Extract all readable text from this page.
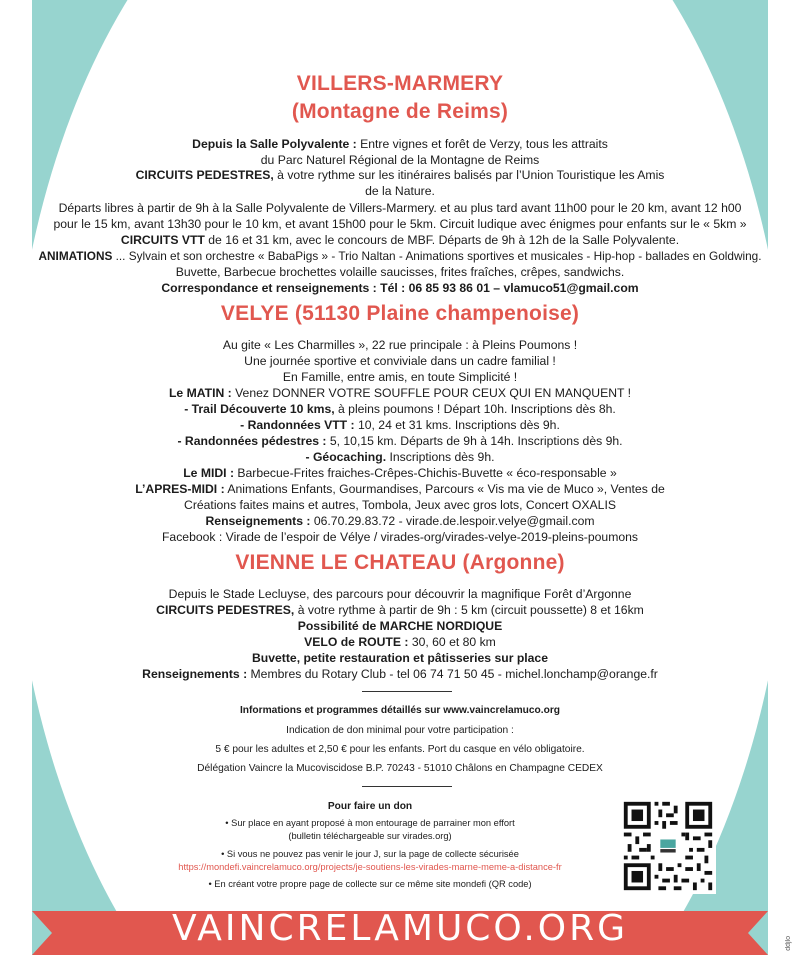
ddjlo
VILLERS-MARMERY
(Montagne de Reims)
Depuis la Salle Polyvalente : Entre vignes et forêt de Verzy, tous les attraits
du Parc Naturel Régional de la Montagne de Reims
CIRCUITS PEDESTRES, à votre rythme sur les itinéraires balisés par l’Union Touristique les Amis
de la Nature.
Départs libres à partir de 9h à la Salle Polyvalente de Villers-Marmery. et au plus tard avant 11h00 pour le 20 km, avant 12 h00
pour le 15 km, avant 13h30 pour le 10 km, et avant 15h00 pour le 5km. Circuit ludique avec énigmes pour enfants sur le « 5km »
CIRCUITS VTT de 16 et 31 km, avec le concours de MBF. Départs de 9h à 12h de la Salle Polyvalente.
ANIMATIONS ... Sylvain et son orchestre « BabaPigs » - Trio Naltan - Animations sportives et musicales - Hip-hop - ballades en Goldwing.
Buvette, Barbecue brochettes volaille saucisses, frites fraîches, crêpes, sandwichs.
Correspondance et renseignements : Tél : 06 85 93 86 01 – vlamuco51@gmail.com
VELYE (51130 Plaine champenoise)
Au gite « Les Charmilles », 22 rue principale : à Pleins Poumons !
Une journée sportive et conviviale dans un cadre familial !
En Famille, entre amis, en toute Simplicité !
Le MATIN : Venez DONNER VOTRE SOUFFLE POUR CEUX QUI EN MANQUENT !
- Trail Découverte 10 kms, à pleins poumons ! Départ 10h. Inscriptions dès 8h.
- Randonnées VTT : 10, 24 et 31 kms. Inscriptions dès 9h.
- Randonnées pédestres : 5, 10,15 km. Départs de 9h à 14h. Inscriptions dès 9h.
- Géocaching. Inscriptions dès 9h.
Le MIDI : Barbecue-Frites fraiches-Crêpes-Chichis-Buvette « éco-responsable »
L’APRES-MIDI : Animations Enfants, Gourmandises, Parcours « Vis ma vie de Muco », Ventes de
Créations faites mains et autres, Tombola, Jeux avec gros lots, Concert OXALIS
Renseignements : 06.70.29.83.72 - virade.de.lespoir.velye@gmail.com
Facebook : Virade de l’espoir de Vélye / virades-org/virades-velye-2019-pleins-poumons
VIENNE LE CHATEAU (Argonne)
Depuis le Stade Lecluyse, des parcours pour découvrir la magnifique Forêt d’Argonne
CIRCUITS PEDESTRES, à votre rythme à partir de 9h : 5 km (circuit poussette) 8 et 16km
Possibilité de MARCHE NORDIQUE
VELO de ROUTE : 30, 60 et 80 km
Buvette, petite restauration et pâtisseries sur place
Renseignements : Membres du Rotary Club - tel 06 74 71 50 45 - michel.lonchamp@orange.fr
Informations et programmes détaillés sur www.vaincrelamuco.org
Indication de don minimal pour votre participation :
5 € pour les adultes et 2,50 € pour les enfants. Port du casque en vélo obligatoire.
Délégation Vaincre la Mucoviscidose B.P. 70243 - 51010 Châlons en Champagne CEDEX
Pour faire un don
• Sur place en ayant proposé à mon entourage de parrainer mon effort
(bulletin téléchargeable sur virades.org)
• Si vous ne pouvez pas venir le jour J, sur la page de collecte sécurisée
https://mondefi.vaincrelamuco.org/projects/je-soutiens-les-virades-marne-meme-a-distance-fr
• En créant votre propre page de collecte sur ce même site mondefi (QR code)
VAINCRELAMUCO.ORG
